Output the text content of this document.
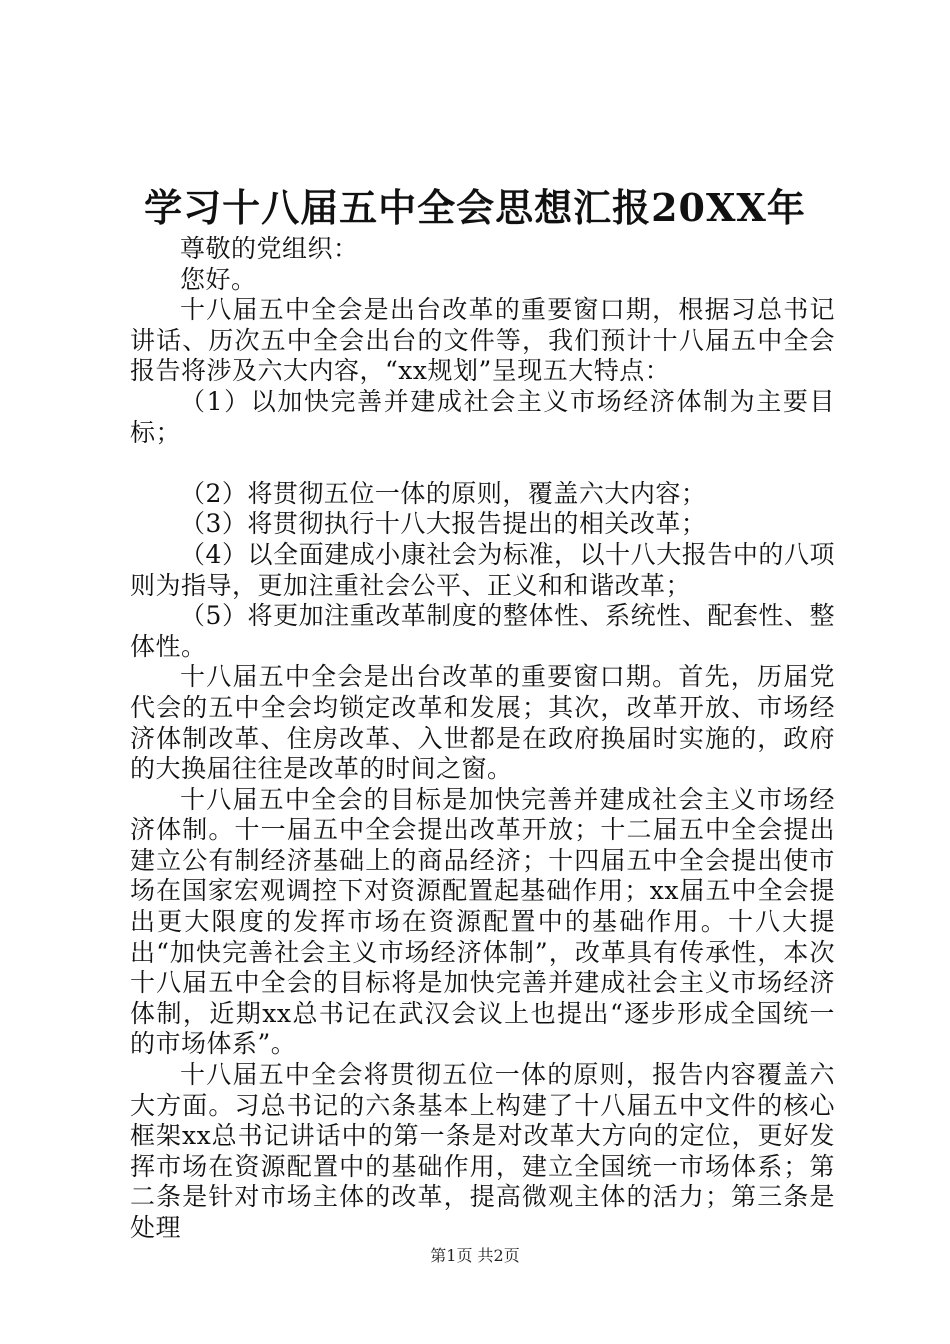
学习十八届五中全会思想汇报20XX年

尊敬的党组织：

您好。

十八届五中全会是出台改革的重要窗口期，根据习总书记讲话、历次五中全会出台的文件等，我们预计十八届五中全会报告将涉及六大内容，“xx规划”呈现五大特点：

（1）以加快完善并建成社会主义市场经济体制为主要目标；

（2）将贯彻五位一体的原则，覆盖六大内容；

（3）将贯彻执行十八大报告提出的相关改革；

（4）以全面建成小康社会为标准，以十八大报告中的八项则为指导，更加注重社会公平、正义和和谐改革；

（5）将更加注重改革制度的整体性、系统性、配套性、整体性。

十八届五中全会是出台改革的重要窗口期。首先，历届党代会的五中全会均锁定改革和发展；其次，改革开放、市场经济体制改革、住房改革、入世都是在政府换届时实施的，政府的大换届往往是改革的时间之窗。

十八届五中全会的目标是加快完善并建成社会主义市场经济体制。十一届五中全会提出改革开放；十二届五中全会提出建立公有制经济基础上的商品经济；十四届五中全会提出使市场在国家宏观调控下对资源配置起基础作用；xx届五中全会提出更大限度的发挥市场在资源配置中的基础作用。十八大提出“加快完善社会主义市场经济体制”，改革具有传承性，本次十八届五中全会的目标将是加快完善并建成社会主义市场经济体制，近期xx总书记在武汉会议上也提出“逐步形成全国统一的市场体系”。

十八届五中全会将贯彻五位一体的原则，报告内容覆盖六大方面。习总书记的六条基本上构建了十八届五中文件的核心框架xx总书记讲话中的第一条是对改革大方向的定位，更好发挥市场在资源配置中的基础作用，建立全国统一市场体系；第二条是针对市场主体的改革，提高微观主体的活力；第三条是处理

第1页 共2页
